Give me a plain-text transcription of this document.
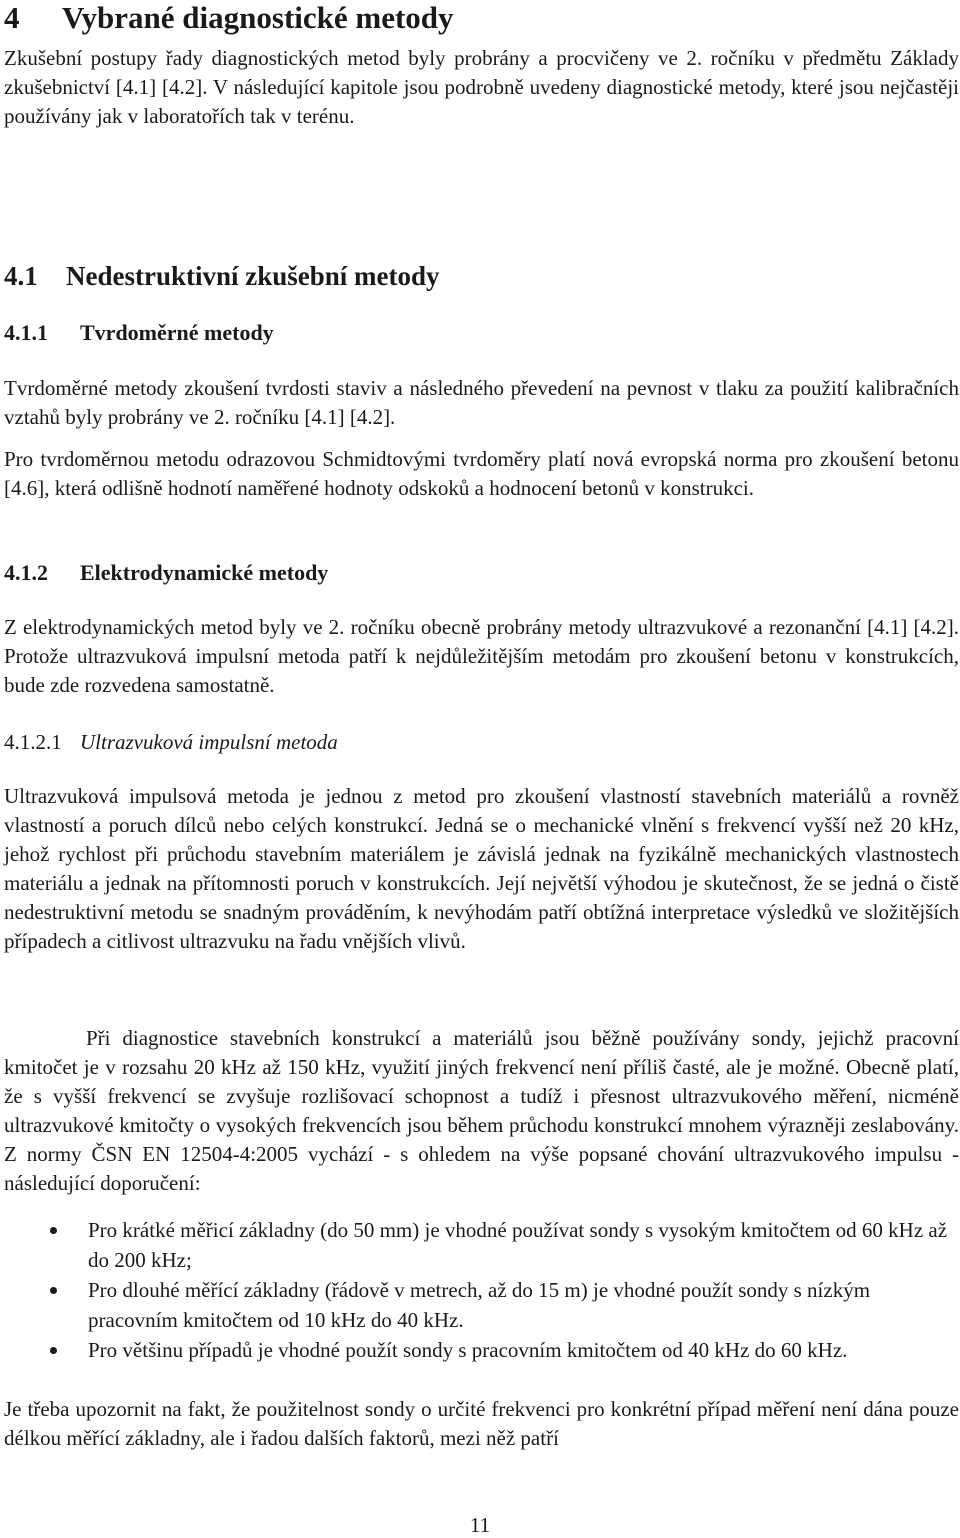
4 Vybrané diagnostické metody
Zkušební postupy řady diagnostických metod byly probrány a procvičeny ve 2. ročníku v předmětu Základy zkušebnictví [4.1] [4.2]. V následující kapitole jsou podrobně uvedeny diagnostické metody, které jsou nejčastěji používány jak v laboratořích tak v terénu.
4.1 Nedestruktivní zkušební metody
4.1.1 Tvrdoměrné metody
Tvrdoměrné metody zkoušení tvrdosti staviv a následného převedení na pevnost v tlaku za použití kalibračních vztahů byly probrány ve 2. ročníku [4.1] [4.2].
Pro tvrdoměrnou metodu odrazovou Schmidtovými tvrdoměry platí nová evropská norma pro zkoušení betonu [4.6], která odlišně hodnotí naměřené hodnoty odskoků a hodnocení betonů v konstrukci.
4.1.2 Elektrodynamické metody
Z elektrodynamických metod byly ve 2. ročníku obecně probrány metody ultrazvukové a rezonanční [4.1] [4.2]. Protože ultrazvuková impulsní metoda patří k nejdůležitějším metodám pro zkoušení betonu v konstrukcích, bude zde rozvedena samostatně.
4.1.2.1 Ultrazvuková impulsní metoda
Ultrazvuková impulsová metoda je jednou z metod pro zkoušení vlastností stavebních materiálů a rovněž vlastností a poruch dílců nebo celých konstrukcí. Jedná se o mechanické vlnění s frekvencí vyšší než 20 kHz, jehož rychlost při průchodu stavebním materiálem je závislá jednak na fyzikálně mechanických vlastnostech materiálu a jednak na přítomnosti poruch v konstrukcích. Její největší výhodou je skutečnost, že se jedná o čistě nedestruktivní metodu se snadným prováděním, k nevýhodám patří obtížná interpretace výsledků ve složitějších případech a citlivost ultrazvuku na řadu vnějších vlivů.
Při diagnostice stavebních konstrukcí a materiálů jsou běžně používány sondy, jejichž pracovní kmitočet je v rozsahu 20 kHz až 150 kHz, využití jiných frekvencí není příliš časté, ale je možné. Obecně platí, že s vyšší frekvencí se zvyšuje rozlišovací schopnost a tudíž i přesnost ultrazvukového měření, nicméně ultrazvukové kmitočty o vysokých frekvencích jsou během průchodu konstrukcí mnohem výrazněji zeslabovány. Z normy ČSN EN 12504-4:2005 vychází - s ohledem na výše popsané chování ultrazvukového impulsu - následující doporučení:
Pro krátké měřicí základny (do 50 mm) je vhodné používat sondy s vysokým kmitočtem od 60 kHz až do 200 kHz;
Pro dlouhé měřící základny (řádově v metrech, až do 15 m) je vhodné použít sondy s nízkým pracovním kmitočtem od 10 kHz do 40 kHz.
Pro většinu případů je vhodné použít sondy s pracovním kmitočtem od 40 kHz do 60 kHz.
Je třeba upozornit na fakt, že použitelnost sondy o určité frekvenci pro konkrétní případ měření není dána pouze délkou měřící základny, ale i řadou dalších faktorů, mezi něž patří
11
